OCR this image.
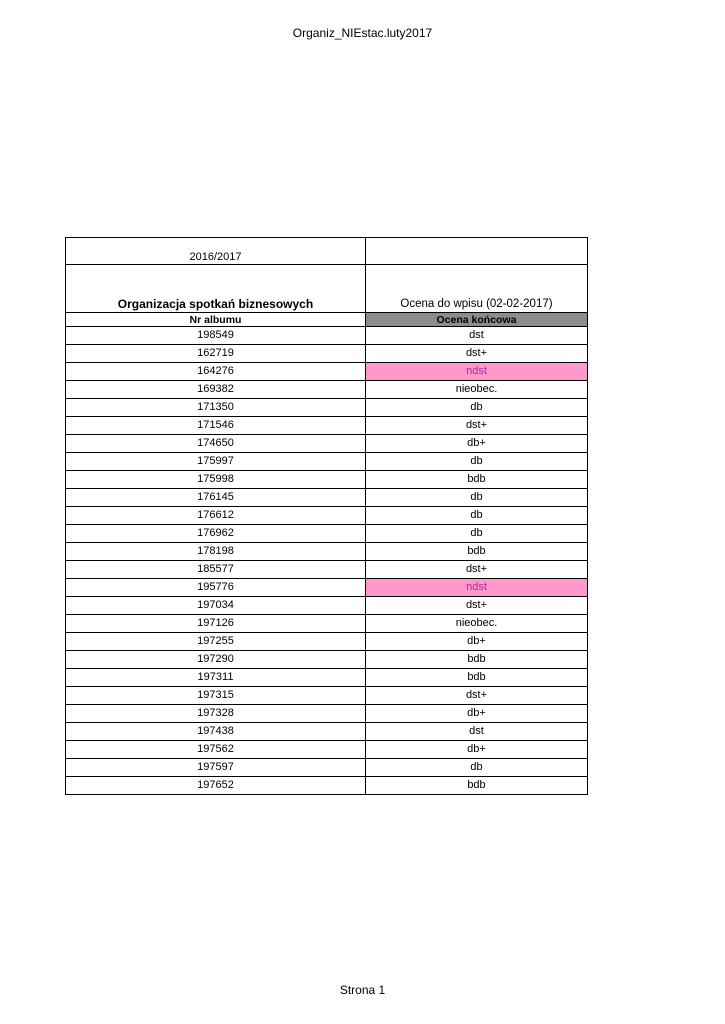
Organiz_NIEstac.luty2017
2016/2017	
Organizacja spotkań biznesowych	Ocena do wpisu (02-02-2017)
Nr albumu	Ocena końcowa
198549	dst
162719	dst+
164276	ndst
169382	nieobec.
171350	db
171546	dst+
174650	db+
175997	db
175998	bdb
176145	db
176612	db
176962	db
178198	bdb
185577	dst+
195776	ndst
197034	dst+
197126	nieobec.
197255	db+
197290	bdb
197311	bdb
197315	dst+
197328	db+
197438	dst
197562	db+
197597	db
197652	bdb
Strona 1
